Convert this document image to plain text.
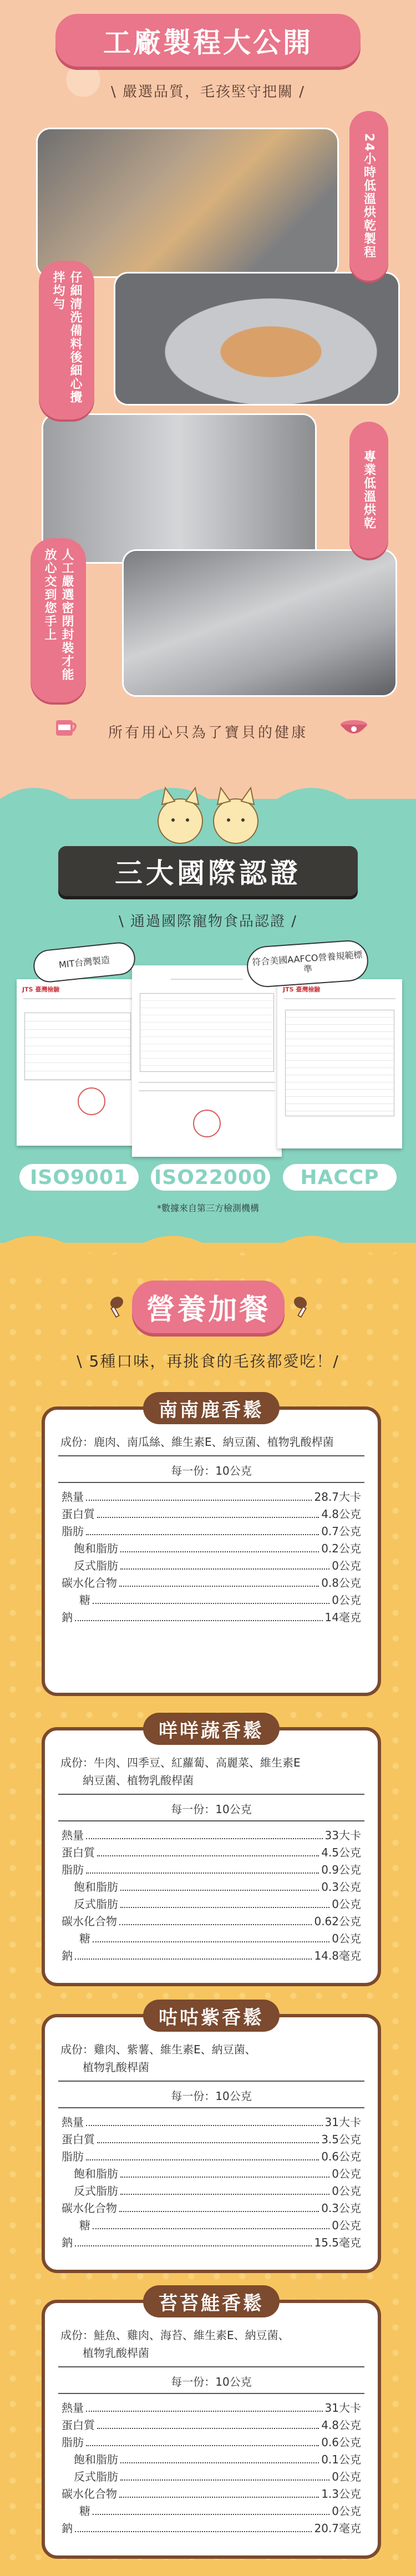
工廠製程大公開
\ 嚴選品質，毛孩堅守把關 /
24小時低溫烘乾製程
仔細清洗備料後細心攪拌均勻
專業低溫烘乾
人工嚴選密閉封裝才能放心交到您手上
所有用心只為了寶貝的健康
三大國際認證
\ 通過國際寵物食品認證 /
JTS 臺灣檢驗	JTS 臺灣檢驗
MIT台灣製造	符合美國AAFCO營養規範標準
ISO9001	ISO22000	HACCP
*數據來自第三方檢測機構
營養加餐
\ 5種口味，再挑食的毛孩都愛吃！/
南南鹿香鬆
成份：鹿肉、南瓜絲、維生素E、納豆菌、植物乳酸桿菌
每一份：10公克
熱量	28.7大卡
蛋白質	4.8公克
脂肪	0.7公克
飽和脂肪	0.2公克
反式脂肪	0公克
碳水化合物	0.8公克
糖	0公克
鈉	14毫克
咩咩蔬香鬆
成份：牛肉、四季豆、紅蘿蔔、高麗菜、維生素E
納豆菌、植物乳酸桿菌
每一份：10公克
熱量	33大卡
蛋白質	4.5公克
脂肪	0.9公克
飽和脂肪	0.3公克
反式脂肪	0公克
碳水化合物	0.62公克
糖	0公克
鈉	14.8毫克
咕咕紫香鬆
成份：雞肉、紫薯、維生素E、納豆菌、
植物乳酸桿菌
每一份：10公克
熱量	31大卡
蛋白質	3.5公克
脂肪	0.6公克
飽和脂肪	0公克
反式脂肪	0公克
碳水化合物	0.3公克
糖	0公克
鈉	15.5毫克
苔苔鮭香鬆
成份：鮭魚、雞肉、海苔、維生素E、納豆菌、
植物乳酸桿菌
每一份：10公克
熱量	31大卡
蛋白質	4.8公克
脂肪	0.6公克
飽和脂肪	0.1公克
反式脂肪	0公克
碳水化合物	1.3公克
糖	0公克
鈉	20.7毫克
